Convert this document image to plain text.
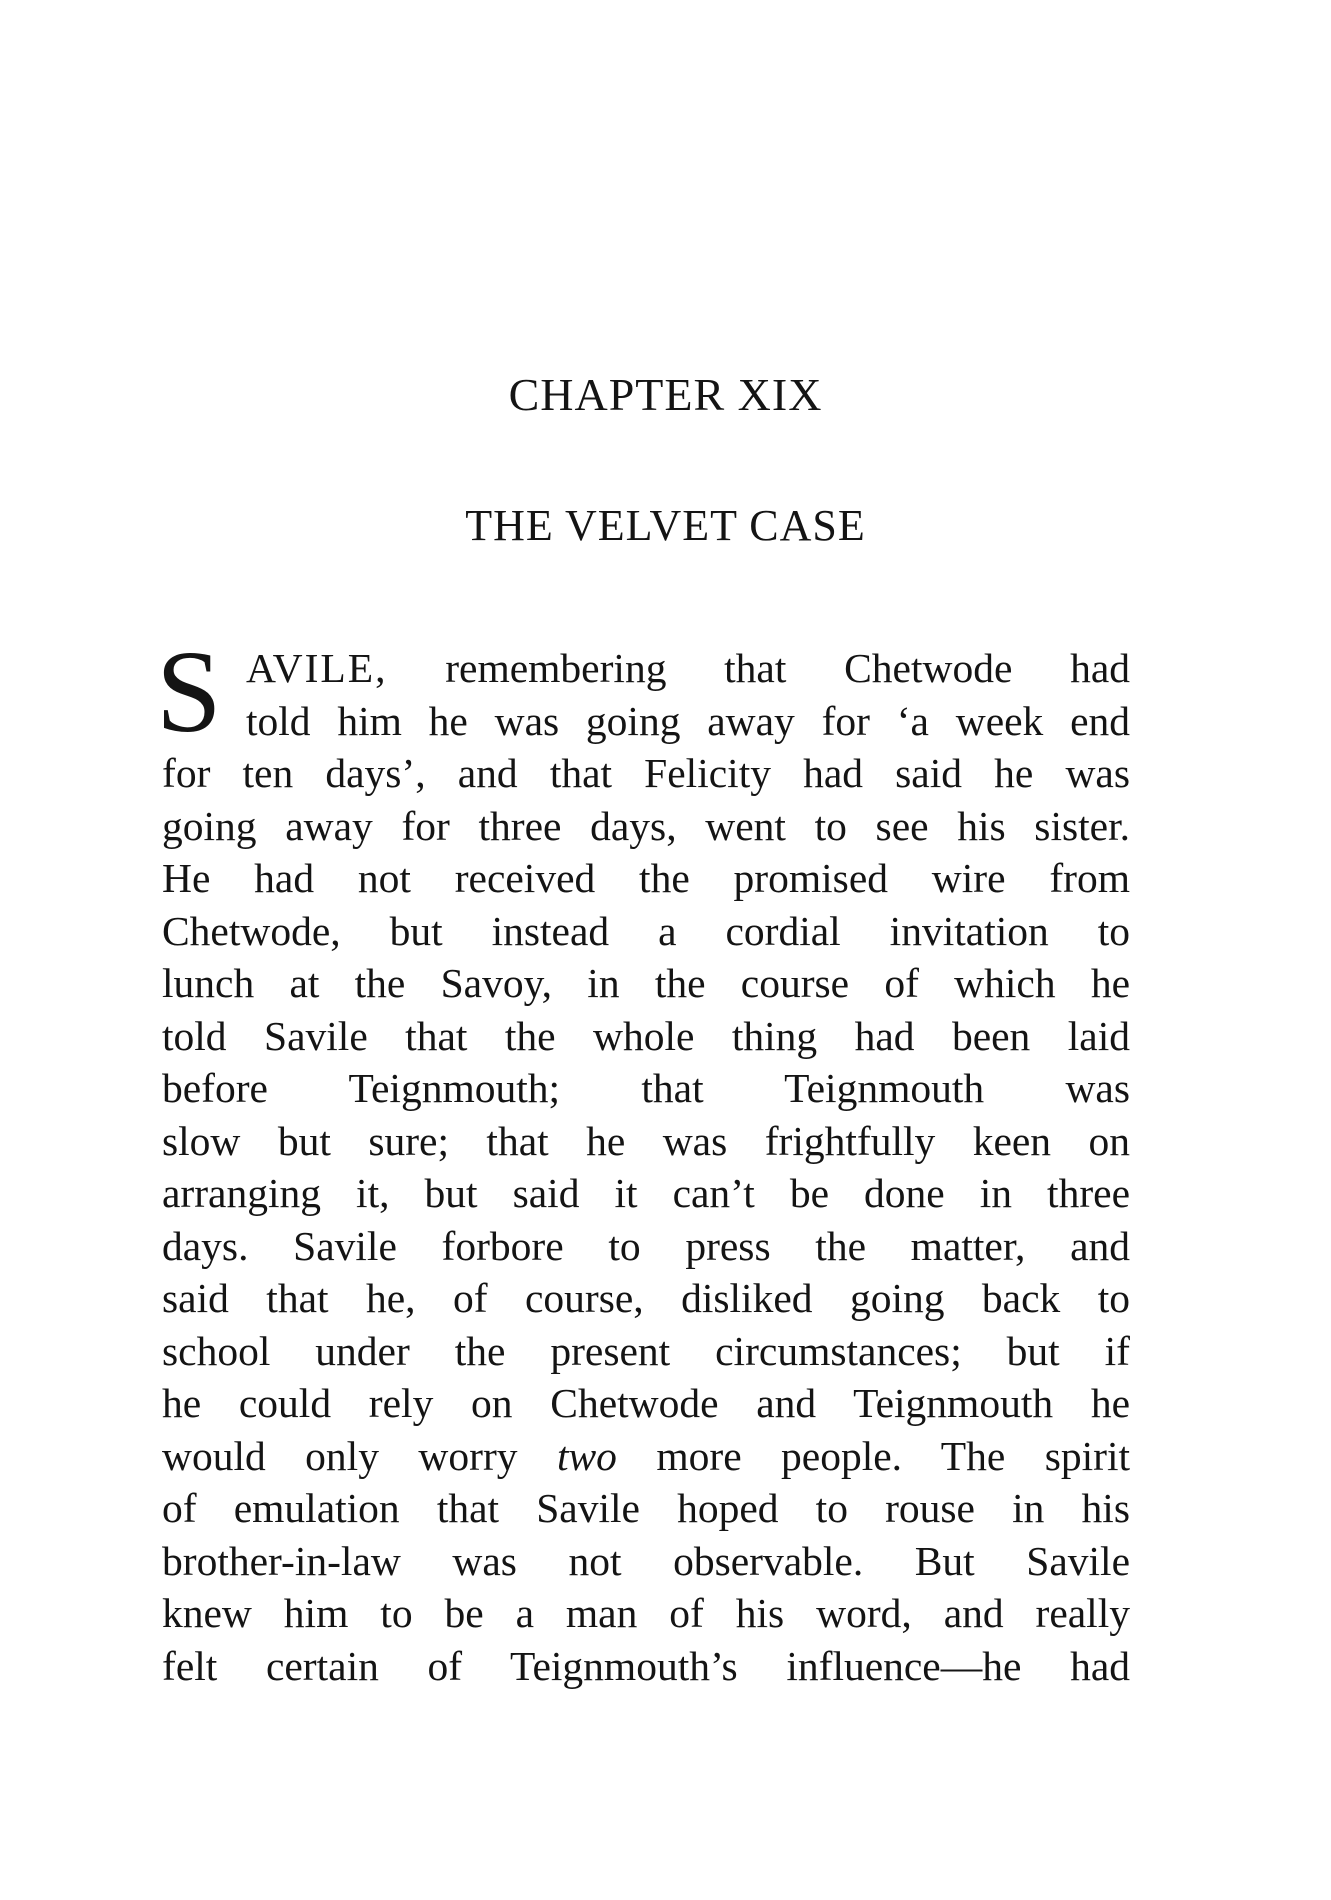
CHAPTER XIX
THE VELVET CASE
S AVILE, remembering that Chetwode had
told him he was going away for ‘a week end
for ten days’, and that Felicity had said he was
going away for three days, went to see his sister.
He had not received the promised wire from
Chetwode, but instead a cordial invitation to
lunch at the Savoy, in the course of which he
told Savile that the whole thing had been laid
before Teignmouth; that Teignmouth was
slow but sure; that he was frightfully keen on
arranging it, but said it can’t be done in three
days. Savile forbore to press the matter, and
said that he, of course, disliked going back to
school under the present circumstances; but if
he could rely on Chetwode and Teignmouth he
would only worry two more people. The spirit
of emulation that Savile hoped to rouse in his
brother-in-law was not observable. But Savile
knew him to be a man of his word, and really
felt certain of Teignmouth’s influence—he had
